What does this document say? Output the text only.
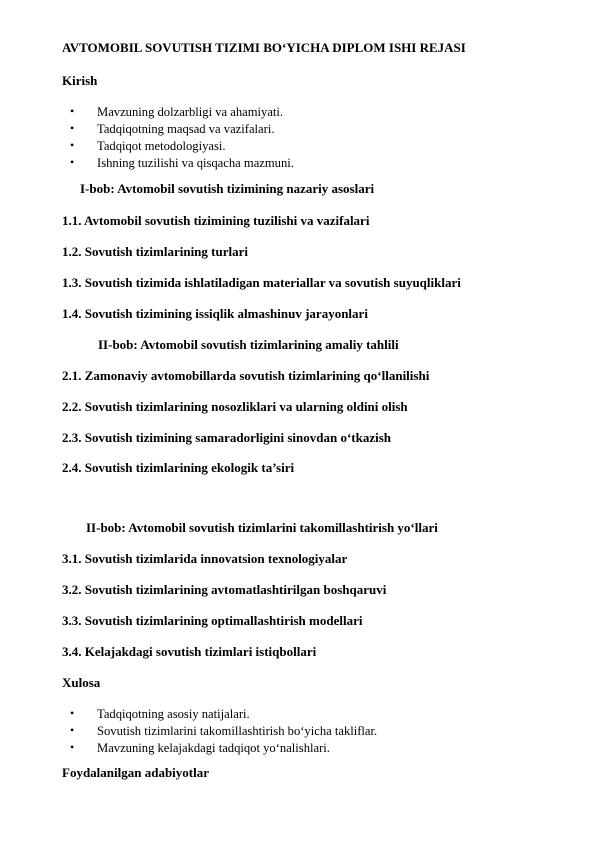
AVTOMOBIL SOVUTISH TIZIMI BO‘YICHA DIPLOM ISHI REJASI
Kirish
• Mavzuning dolzarbligi va ahamiyati.
• Tadqiqotning maqsad va vazifalari.
• Tadqiqot metodologiyasi.
• Ishning tuzilishi va qisqacha mazmuni.
I-bob: Avtomobil sovutish tizimining nazariy asoslari
1.1. Avtomobil sovutish tizimining tuzilishi va vazifalari
1.2. Sovutish tizimlarining turlari
1.3. Sovutish tizimida ishlatiladigan materiallar va sovutish suyuqliklari
1.4. Sovutish tizimining issiqlik almashinuv jarayonlari
II-bob: Avtomobil sovutish tizimlarining amaliy tahlili
2.1. Zamonaviy avtomobillarda sovutish tizimlarining qo‘llanilishi
2.2. Sovutish tizimlarining nosozliklari va ularning oldini olish
2.3. Sovutish tizimining samaradorligini sinovdan o‘tkazish
2.4. Sovutish tizimlarining ekologik ta’siri
II-bob: Avtomobil sovutish tizimlarini takomillashtirish yo‘llari
3.1. Sovutish tizimlarida innovatsion texnologiyalar
3.2. Sovutish tizimlarining avtomatlashtirilgan boshqaruvi
3.3. Sovutish tizimlarining optimallashtirish modellari
3.4. Kelajakdagi sovutish tizimlari istiqbollari
Xulosa
• Tadqiqotning asosiy natijalari.
• Sovutish tizimlarini takomillashtirish bo‘yicha takliflar.
• Mavzuning kelajakdagi tadqiqot yo‘nalishlari.
Foydalanilgan adabiyotlar
